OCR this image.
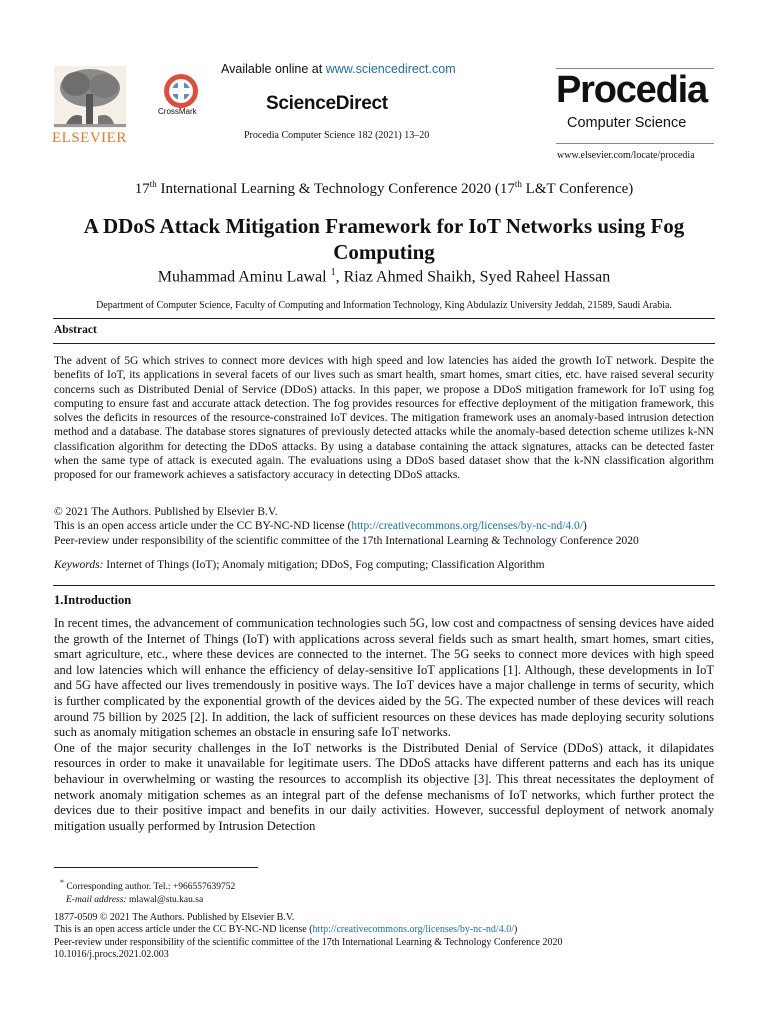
ELSEVIER
CrossMark
Available online at www.sciencedirect.com
ScienceDirect
Procedia Computer Science 182 (2021) 13–20
Procedia
Computer Science
www.elsevier.com/locate/procedia
17th International Learning & Technology Conference 2020 (17th L&T Conference)
A DDoS Attack Mitigation Framework for IoT Networks using Fog Computing
Muhammad Aminu Lawal $^1$, Riaz Ahmed Shaikh, Syed Raheel Hassan
Department of Computer Science, Faculty of Computing and Information Technology, King Abdulaziz University Jeddah, 21589, Saudi Arabia.
Abstract
The advent of 5G which strives to connect more devices with high speed and low latencies has aided the growth IoT network. Despite the benefits of IoT, its applications in several facets of our lives such as smart health, smart homes, smart cities, etc. have raised several security concerns such as Distributed Denial of Service (DDoS) attacks. In this paper, we propose a DDoS mitigation framework for IoT using fog computing to ensure fast and accurate attack detection. The fog provides resources for effective deployment of the mitigation framework, this solves the deficits in resources of the resource-constrained IoT devices. The mitigation framework uses an anomaly-based intrusion detection method and a database. The database stores signatures of previously detected attacks while the anomaly-based detection scheme utilizes k-NN classification algorithm for detecting the DDoS attacks. By using a database containing the attack signatures, attacks can be detected faster when the same type of attack is executed again. The evaluations using a DDoS based dataset show that the k-NN classification algorithm proposed for our framework achieves a satisfactory accuracy in detecting DDoS attacks.
© 2021 The Authors. Published by Elsevier B.V.
This is an open access article under the CC BY-NC-ND license (http://creativecommons.org/licenses/by-nc-nd/4.0/)
Peer-review under responsibility of the scientific committee of the 17th International Learning & Technology Conference 2020
Keywords: Internet of Things (IoT); Anomaly mitigation; DDoS, Fog computing; Classification Algorithm
1.Introduction

In recent times, the advancement of communication technologies such 5G, low cost and compactness of sensing devices have aided the growth of the Internet of Things (IoT) with applications across several fields such as smart health, smart homes, smart cities, smart agriculture, etc., where these devices are connected to the internet. The 5G seeks to connect more devices with high speed and low latencies which will enhance the efficiency of delay-sensitive IoT applications [1]. Although, these developments in IoT and 5G have affected our lives tremendously in positive ways. The IoT devices have a major challenge in terms of security, which is further complicated by the exponential growth of the devices aided by the 5G. The expected number of these devices will reach around 75 billion by 2025 [2]. In addition, the lack of sufficient resources on these devices has made deploying security solutions such as anomaly mitigation schemes an obstacle in ensuring safe IoT networks.

One of the major security challenges in the IoT networks is the Distributed Denial of Service (DDoS) attack, it dilapidates resources in order to make it unavailable for legitimate users. The DDoS attacks have different patterns and each has its unique behaviour in overwhelming or wasting the resources to accomplish its objective [3]. This threat necessitates the deployment of network anomaly mitigation schemes as an integral part of the defense mechanisms of IoT networks, which further protect the devices due to their positive impact and benefits in our daily activities. However, successful deployment of network anomaly mitigation usually performed by Intrusion Detection

* Corresponding author. Tel.: +966557639752
E-mail address: mlawal@stu.kau.sa
1877-0509 © 2021 The Authors. Published by Elsevier B.V.
This is an open access article under the CC BY-NC-ND license (http://creativecommons.org/licenses/by-nc-nd/4.0/)
Peer-review under responsibility of the scientific committee of the 17th International Learning & Technology Conference 2020
10.1016/j.procs.2021.02.003
